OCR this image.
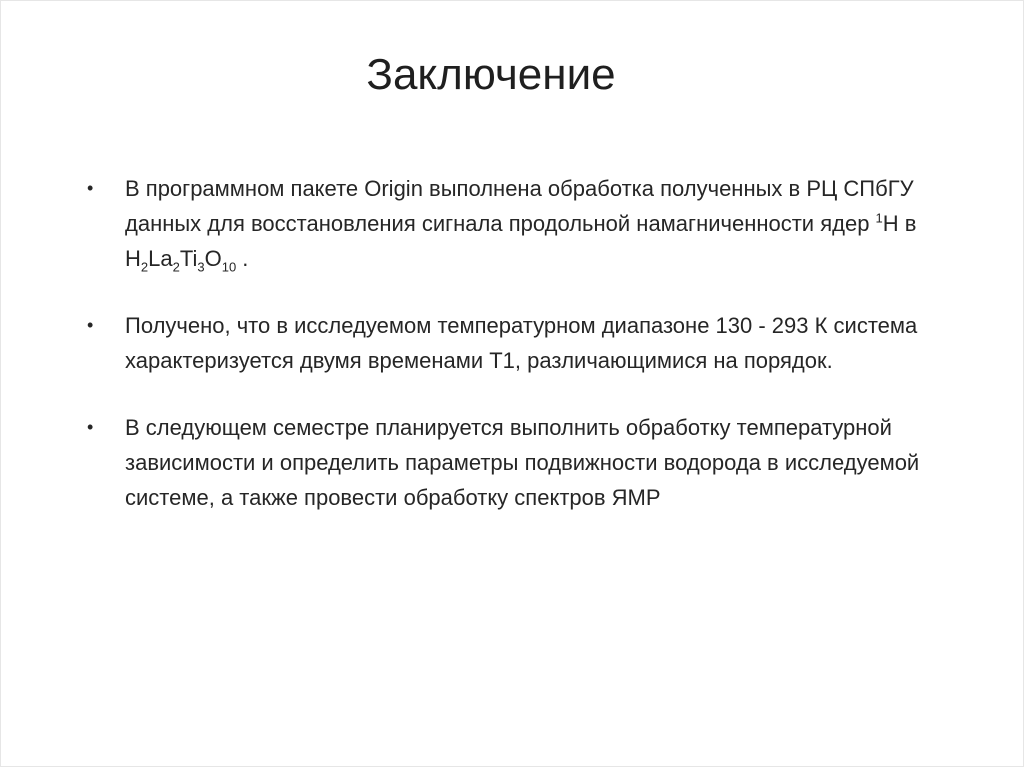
Заключение
• В программном пакете Origin выполнена обработка полученных в РЦ СПбГУ данных для восстановления сигнала продольной намагниченности ядер $^1$Н в $Н_2La_2Ti_3O_{10}$ .
• Получено, что в исследуемом температурном диапазоне 130 - 293 К система характеризуется двумя временами Т1, различающимися на порядок.
• В следующем семестре планируется выполнить обработку температурной зависимости и определить параметры подвижности водорода в исследуемой системе, а также провести обработку спектров ЯМР
